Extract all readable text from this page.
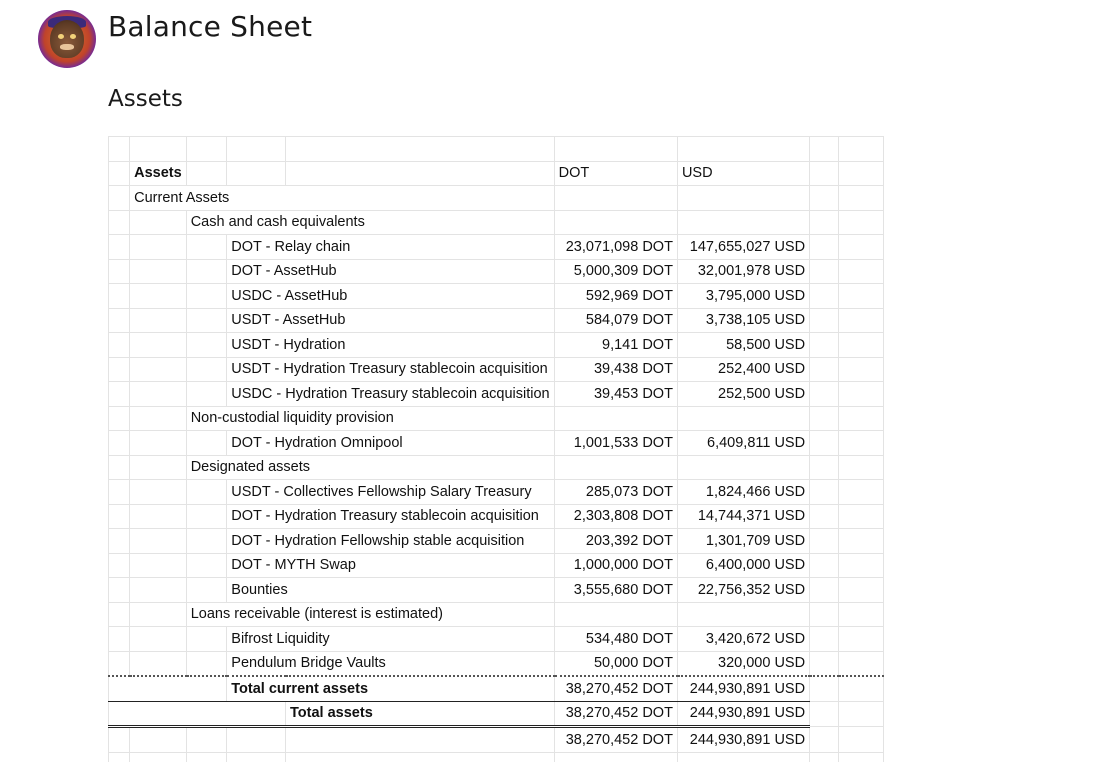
Balance Sheet
Assets

	Assets				DOT	USD		
	Current Assets							
		Cash and cash equivalents						
			DOT - Relay chain		23,071,098 DOT	147,655,027 USD		
			DOT - AssetHub		5,000,309 DOT	32,001,978 USD		
			USDC - AssetHub		592,969 DOT	3,795,000 USD		
			USDT - AssetHub		584,079 DOT	3,738,105 USD		
			USDT - Hydration		9,141 DOT	58,500 USD		
			USDT - Hydration Treasury stablecoin acquisition		39,438 DOT	252,400 USD		
			USDC - Hydration Treasury stablecoin acquisition		39,453 DOT	252,500 USD		
		Non-custodial liquidity provision						
			DOT - Hydration Omnipool		1,001,533 DOT	6,409,811 USD		
		Designated assets						
			USDT - Collectives Fellowship Salary Treasury		285,073 DOT	1,824,466 USD		
			DOT - Hydration Treasury stablecoin acquisition		2,303,808 DOT	14,744,371 USD		
			DOT - Hydration Fellowship stable acquisition		203,392 DOT	1,301,709 USD		
			DOT - MYTH Swap		1,000,000 DOT	6,400,000 USD		
			Bounties		3,555,680 DOT	22,756,352 USD		
		Loans receivable (interest is estimated)						
			Bifrost Liquidity		534,480 DOT	3,420,672 USD		
			Pendulum Bridge Vaults		50,000 DOT	320,000 USD		
			Total current assets		38,270,452 DOT	244,930,891 USD		
				Total assets	38,270,452 DOT	244,930,891 USD		
					38,270,452 DOT	244,930,891 USD		
